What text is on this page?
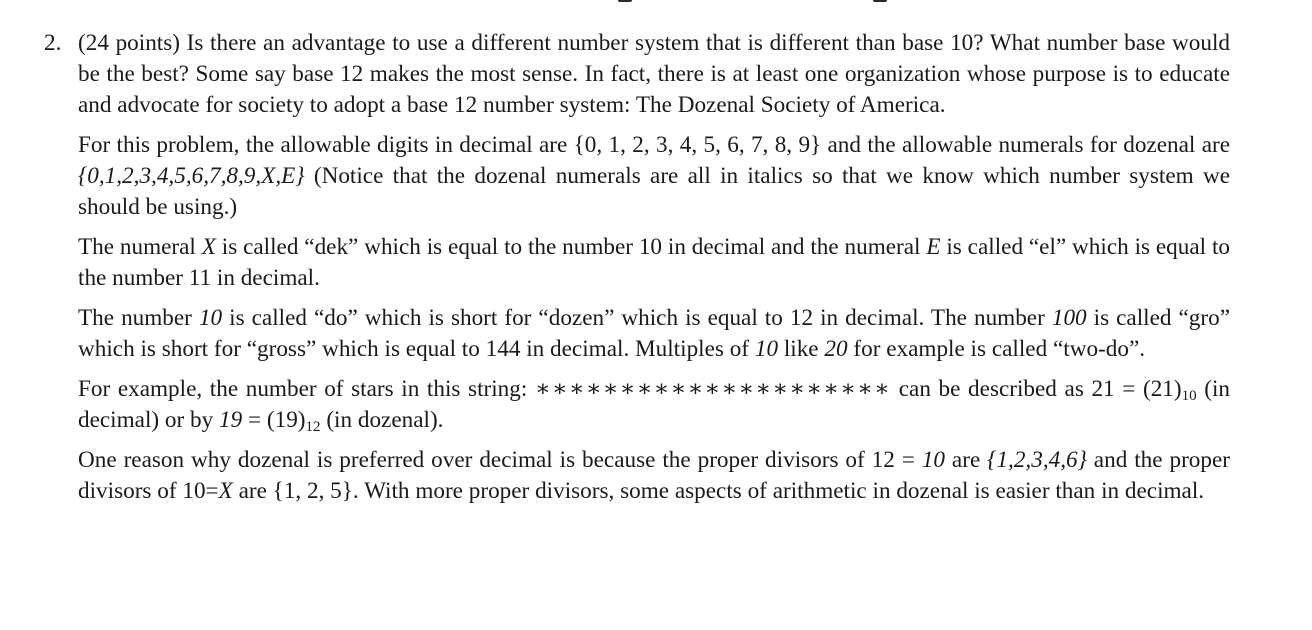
2. (24 points) Is there an advantage to use a different number system that is different than base 10? What number base would be the best? Some say base 12 makes the most sense. In fact, there is at least one organization whose purpose is to educate and advocate for society to adopt a base 12 number system: The Dozenal Society of America.

For this problem, the allowable digits in decimal are {0, 1, 2, 3, 4, 5, 6, 7, 8, 9} and the allowable numerals for dozenal are {0,1,2,3,4,5,6,7,8,9,X,E} (Notice that the dozenal numerals are all in italics so that we know which number system we should be using.)

The numeral X is called “dek” which is equal to the number 10 in decimal and the numeral E is called “el” which is equal to the number 11 in decimal.

The number 10 is called “do” which is short for “dozen” which is equal to 12 in decimal. The number 100 is called “gro” which is short for “gross” which is equal to 144 in decimal. Multiples of 10 like 20 for example is called “two-do”.

For example, the number of stars in this string: ∗∗∗∗∗∗∗∗∗∗∗∗∗∗∗∗∗∗∗∗∗ can be described as $21 = (21)_{10}$ (in decimal) or by $19 = (19)_{12}$ (in dozenal).

One reason why dozenal is preferred over decimal is because the proper divisors of 12 = 10 are {1,2,3,4,6} and the proper divisors of 10=X are {1, 2, 5}. With more proper divisors, some aspects of arithmetic in dozenal is easier than in decimal.
